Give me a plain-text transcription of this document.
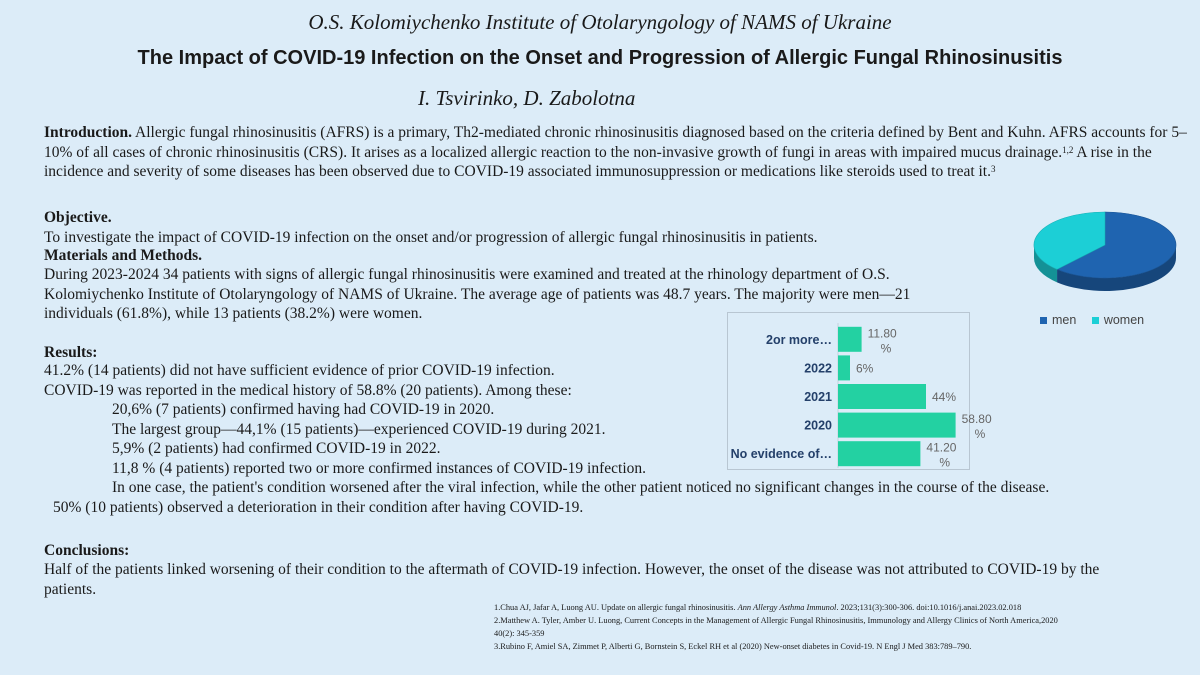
O.S. Kolomiychenko Institute of Otolaryngology of NAMS of Ukraine
The Impact of COVID-19 Infection on the Onset and Progression of Allergic Fungal Rhinosinusitis
I. Tsvirinko, D. Zabolotna
Introduction. Allergic fungal rhinosinusitis (AFRS) is a primary, Th2-mediated chronic rhinosinusitis diagnosed based on the criteria defined by Bent and Kuhn. AFRS accounts for 5–10% of all cases of chronic rhinosinusitis (CRS). It arises as a localized allergic reaction to the non-invasive growth of fungi in areas with impaired mucus drainage.$^{1,2}$ A rise in the incidence and severity of some diseases has been observed due to COVID-19 associated immunosuppression or medications like steroids used to treat it.$^3$
Objective.
To investigate the impact of COVID-19 infection on the onset and/or progression of allergic fungal rhinosinusitis in patients.
Materials and Methods.
During 2023-2024 34 patients with signs of allergic fungal rhinosinusitis were examined and treated at the rhinology department of O.S. Kolomiychenko Institute of Otolaryngology of NAMS of Ukraine. The average age of patients was 48.7 years. The majority were men—21 individuals (61.8%), while 13 patients (38.2%) were women.
Results:
41.2% (14 patients) did not have sufficient evidence of prior COVID-19 infection.
COVID-19 was reported in the medical history of 58.8% (20 patients). Among these:
20,6% (7 patients) confirmed having had COVID-19 in 2020.
The largest group—44,1% (15 patients)—experienced COVID-19 during 2021.
5,9% (2 patients) had confirmed COVID-19 in 2022.
11,8 % (4 patients) reported two or more confirmed instances of COVID-19 infection.
In one case, the patient's condition worsened after the viral infection, while the other patient noticed no significant changes in the course of the disease.
50% (10 patients) observed a deterioration in their condition after having COVID-19.
Conclusions:
Half of the patients linked worsening of their condition to the aftermath of COVID-19 infection. However, the onset of the disease was not attributed to COVID-19 by the patients.
1.Chua AJ, Jafar A, Luong AU. Update on allergic fungal rhinosinusitis. Ann Allergy Asthma Immunol. 2023;131(3):300-306. doi:10.1016/j.anai.2023.02.018
2.Matthew A. Tyler, Amber U. Luong, Current Concepts in the Management of Allergic Fungal Rhinosinusitis, Immunology and Allergy Clinics of North America,2020 40(2): 345-359
3.Rubino F, Amiel SA, Zimmet P, Alberti G, Bornstein S, Eckel RH et al (2020) New-onset diabetes in Covid-19. N Engl J Med 383:789–790.
men women
2or more…	11.80 %
2022 6%
2021	44%
2020	58.80 %
No evidence of…	41.20 %
